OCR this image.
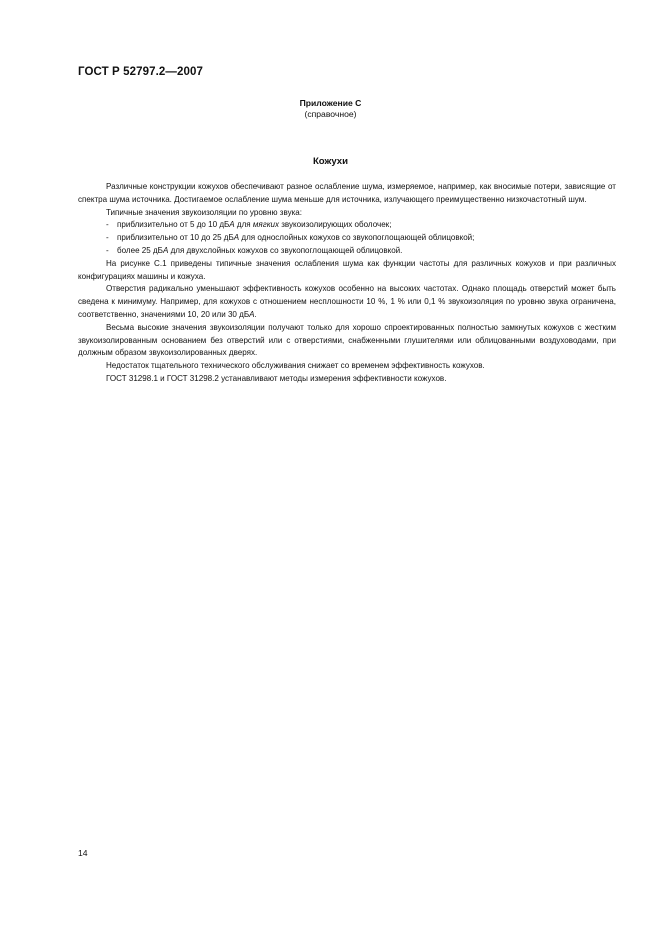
ГОСТ Р 52797.2—2007
Приложение С
(справочное)
Кожухи

Различные конструкции кожухов обеспечивают разное ослабление шума, измеряемое, например, как вносимые потери, зависящие от спектра шума источника. Достигаемое ослабление шума меньше для источника, излучающего преимущественно низкочастотный шум.

Типичные значения звукоизоляции по уровню звука:

- приблизительно от 5 до 10 дБА для мягких звукоизолирующих оболочек;

- приблизительно от 10 до 25 дБА для однослойных кожухов со звукопоглощающей облицовкой;

- более 25 дБА для двухслойных кожухов со звукопоглощающей облицовкой.

На рисунке С.1 приведены типичные значения ослабления шума как функции частоты для различных кожухов и при различных конфигурациях машины и кожуха.

Отверстия радикально уменьшают эффективность кожухов особенно на высоких частотах. Однако площадь отверстий может быть сведена к минимуму. Например, для кожухов с отношением несплошности 10 %, 1 % или 0,1 % звукоизоляция по уровню звука ограничена, соответственно, значениями 10, 20 или 30 дБА.

Весьма высокие значения звукоизоляции получают только для хорошо спроектированных полностью замкнутых кожухов с жестким звукоизолированным основанием без отверстий или с отверстиями, снабженными глушителями или облицованными воздуховодами, при должным образом звукоизолированных дверях.

Недостаток тщательного технического обслуживания снижает со временем эффективность кожухов.

ГОСТ 31298.1 и ГОСТ 31298.2 устанавливают методы измерения эффективности кожухов.

14
